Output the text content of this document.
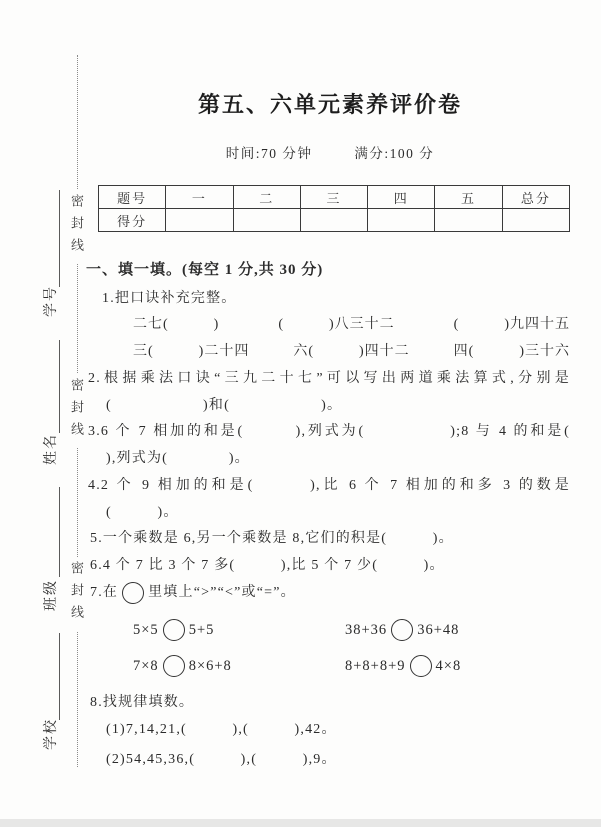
密封线
密封线
密封线
学号
姓名
班级
学校
第五、六单元素养评价卷
时间:70 分钟	满分:100 分
题号	一	二	三	四	五	总分
得分						
一、填一填。(每空 1 分,共 30 分)
1.把口诀补充完整。
二七(　　　)	(　　　)八三十二	(　　　)九四十五
三(　　　)二十四	六(　　　)四十二	四(　　　)三十六
2.根据乘法口诀“三九二十七”可以写出两道乘法算式,分别是
(　　　　　　)和(　　　　　　)。
3.6 个 7 相加的和是(　　　),列式为(　　　　　);8 与 4 的和是(
),列式为(　　　　)。
4.2 个 9 相加的和是(　　　),比 6 个 7 相加的和多 3 的数是
(　　　)。
5.一个乘数是 6,另一个乘数是 8,它们的积是(　　　)。
6.4 个 7 比 3 个 7 多(　　　),比 5 个 7 少(　　　)。
7.在 里填上“>”“<”或“=”。
5×5 5+5	38+36 36+48
7×8 8×6+8	8+8+8+9 4×8
8.找规律填数。
(1)7,14,21,(　　　),(　　　),42。
(2)54,45,36,(　　　),(　　　),9。
